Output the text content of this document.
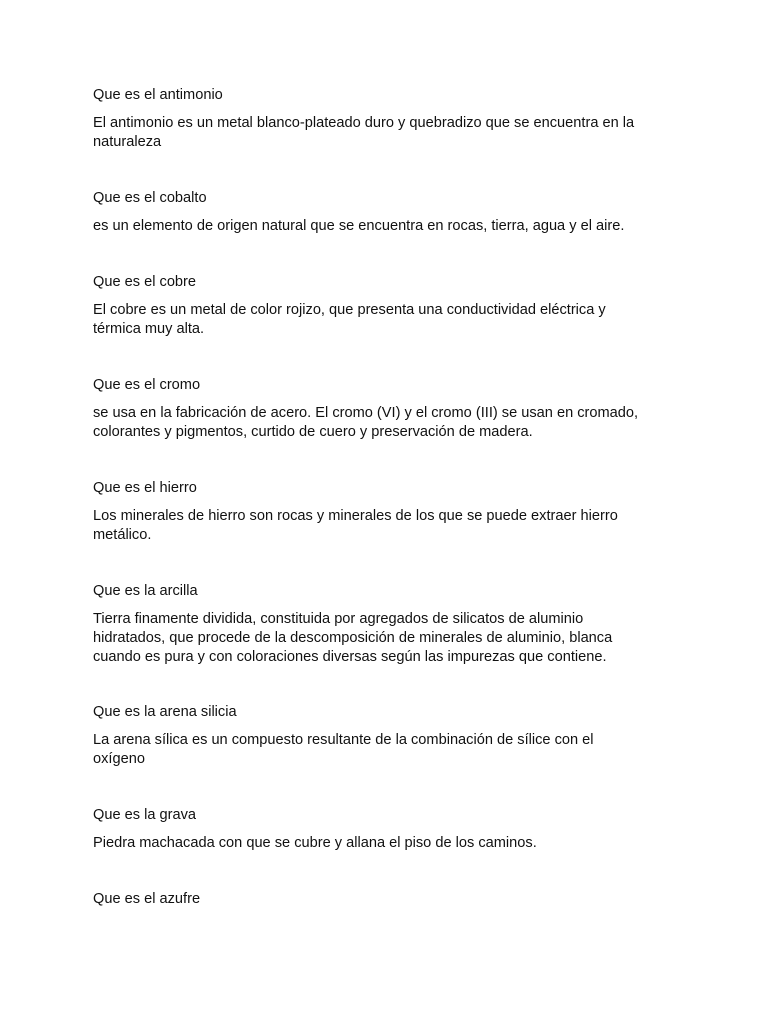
Que es el antimonio

El antimonio es un metal blanco-plateado duro y quebradizo que se encuentra en la
naturaleza

Que es el cobalto

es un elemento de origen natural que se encuentra en rocas, tierra, agua y el aire.

Que es el cobre

El cobre es un metal de color rojizo, que presenta una conductividad eléctrica y
térmica muy alta.

Que es el cromo

se usa en la fabricación de acero. El cromo (VI) y el cromo (III) se usan en cromado,
colorantes y pigmentos, curtido de cuero y preservación de madera.

Que es el hierro

Los minerales de hierro son rocas y minerales de los que se puede extraer hierro
metálico.

Que es la arcilla

Tierra finamente dividida, constituida por agregados de silicatos de aluminio
hidratados, que procede de la descomposición de minerales de aluminio, blanca
cuando es pura y con coloraciones diversas según las impurezas que contiene.

Que es la arena silicia

La arena sílica es un compuesto resultante de la combinación de sílice con el
oxígeno

Que es la grava

Piedra machacada con que se cubre y allana el piso de los caminos.

Que es el azufre
